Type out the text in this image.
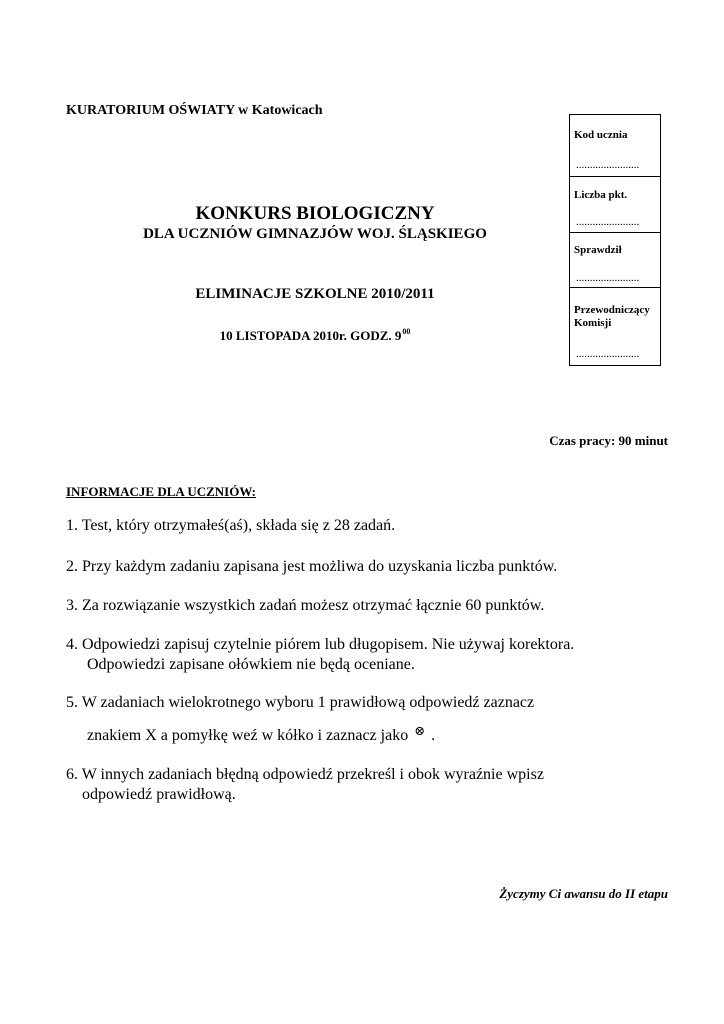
KURATORIUM OŚWIATY w Katowicach
Kod ucznia
.......................
Liczba pkt.
.......................
Sprawdził
.......................
Przewodniczący
Komisji
.......................
KONKURS BIOLOGICZNY
DLA UCZNIÓW GIMNAZJÓW WOJ. ŚLĄSKIEGO
ELIMINACJE SZKOLNE 2010/2011
10 LISTOPADA 2010r. GODZ. $9^{00}$
Czas pracy: 90 minut
INFORMACJE DLA UCZNIÓW:
1. Test, który otrzymałeś(aś), składa się z 28 zadań.
2. Przy każdym zadaniu zapisana jest możliwa do uzyskania liczba punktów.
3. Za rozwiązanie wszystkich zadań możesz otrzymać łącznie 60 punktów.
4. Odpowiedzi zapisuj czytelnie piórem lub długopisem. Nie używaj korektora.
Odpowiedzi zapisane ołówkiem nie będą oceniane.
5. W zadaniach wielokrotnego wyboru 1 prawidłową odpowiedź zaznacz
znakiem X a pomyłkę weź w kółko i zaznacz jako ⊗ .
6. W innych zadaniach błędną odpowiedź przekreśl i obok wyraźnie wpisz
odpowiedź prawidłową.
Życzymy Ci awansu do II etapu
